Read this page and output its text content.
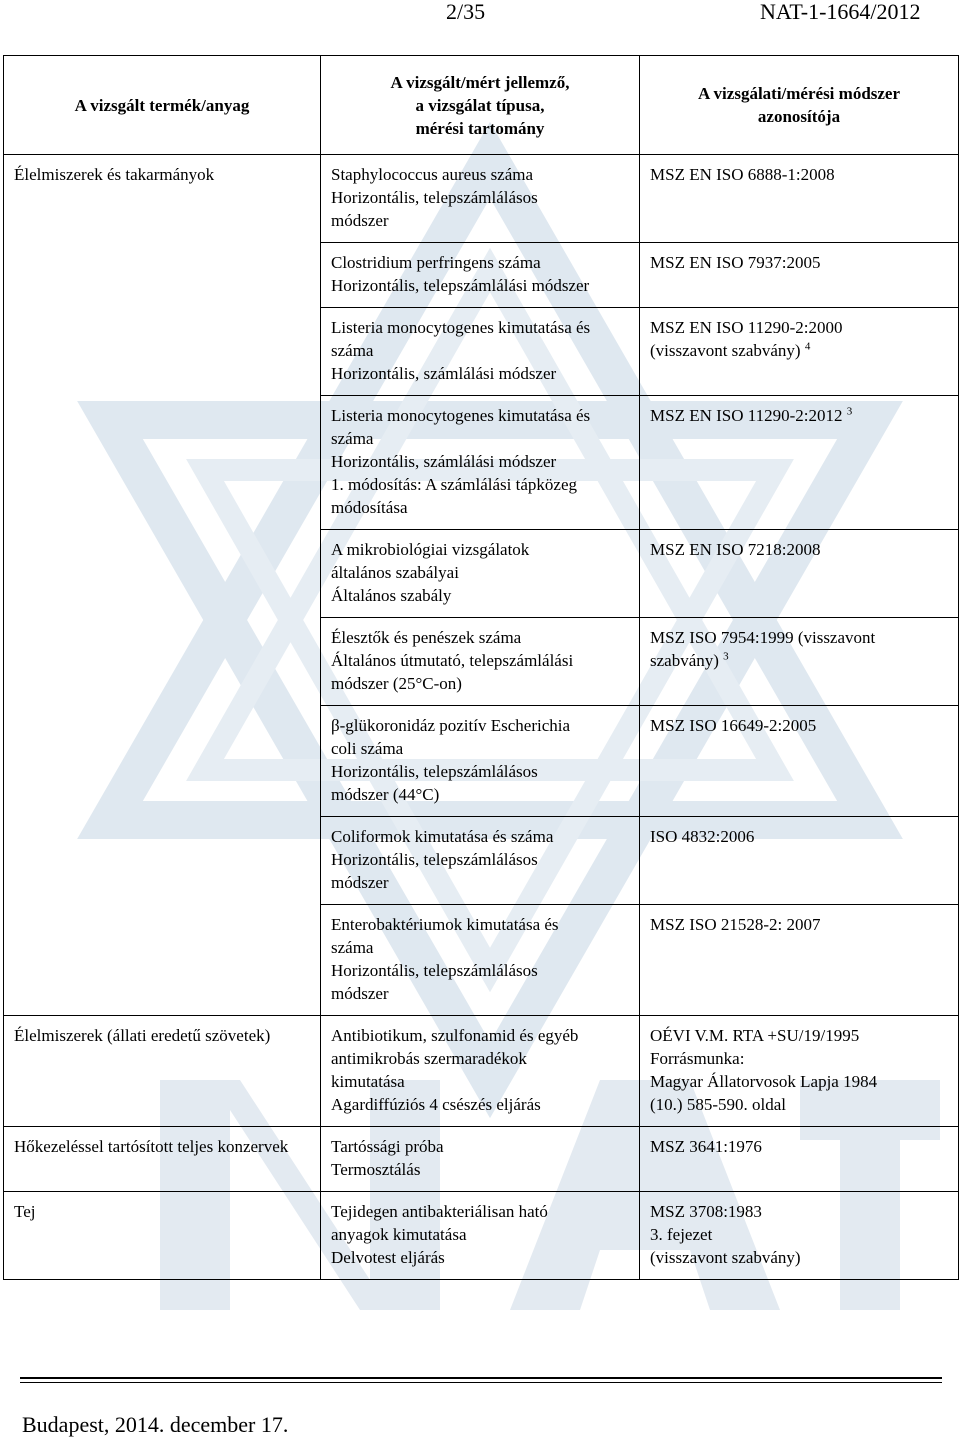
2/35	NAT-1-1664/2012
A vizsgált termék/anyag	A vizsgált/mért jellemző,
a vizsgálat típusa,
mérési tartomány	A vizsgálati/mérési módszer
azonosítója

Élelmiszerek és takarmányok	Staphylococcus aureus száma
Horizontális, telepszámlálásos
módszer	MSZ EN ISO 6888-1:2008

	Clostridium perfringens száma
Horizontális, telepszámlálási módszer	MSZ EN ISO 7937:2005

	Listeria monocytogenes kimutatása és
száma
Horizontális, számlálási módszer	MSZ EN ISO 11290-2:2000
(visszavont szabvány) $^4$

	Listeria monocytogenes kimutatása és
száma
Horizontális, számlálási módszer
1. módosítás: A számlálási tápközeg
módosítása	MSZ EN ISO 11290-2:2012 $^3$

	A mikrobiológiai vizsgálatok
általános szabályai
Általános szabály	MSZ EN ISO 7218:2008

	Élesztők és penészek száma
Általános útmutató, telepszámlálási
módszer (25°C-on)	MSZ ISO 7954:1999 (visszavont
szabvány) $^3$

	β-glükoronidáz pozitív Escherichia
coli száma
Horizontális, telepszámlálásos
módszer (44°C)	MSZ ISO 16649-2:2005

	Coliformok kimutatása és száma
Horizontális, telepszámlálásos
módszer	ISO 4832:2006

	Enterobaktériumok kimutatása és
száma
Horizontális, telepszámlálásos
módszer	MSZ ISO 21528-2: 2007

Élelmiszerek (állati eredetű szövetek)	Antibiotikum, szulfonamid és egyéb
antimikrobás szermaradékok
kimutatása
Agardiffúziós 4 csészés eljárás	OÉVI V.M. RTA +SU/19/1995
Forrásmunka:
Magyar Állatorvosok Lapja 1984
(10.) 585-590. oldal

Hőkezeléssel tartósított teljes konzervek	Tartóssági próba
Termosztálás	MSZ 3641:1976

Tej	Tejidegen antibakteriálisan ható
anyagok kimutatása
Delvotest eljárás	MSZ 3708:1983
3. fejezet
(visszavont szabvány)
Budapest, 2014. december 17.
